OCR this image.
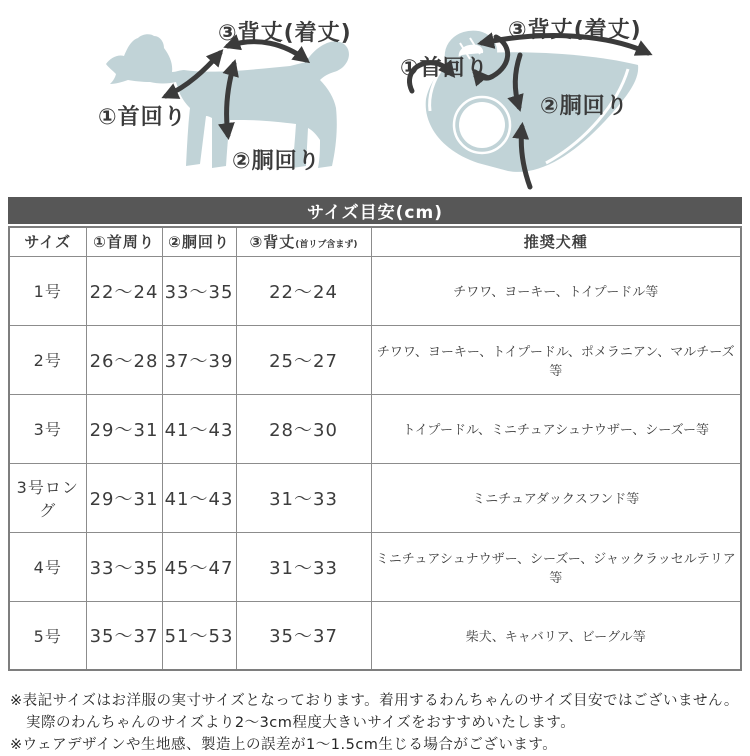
③背丈(着丈)
①首回り
②胴回り
③背丈(着丈)
①首回り
②胴回り
サイズ目安(cm)
サイズ	①首周り	②胴回り	③背丈(首リブ含まず)	推奨犬種
1号	22〜24	33〜35	22〜24	チワワ、ヨーキー、トイプードル等
2号	26〜28	37〜39	25〜27	チワワ、ヨーキー、トイプードル、ポメラニアン、マルチーズ等
3号	29〜31	41〜43	28〜30	トイプードル、ミニチュアシュナウザー、シーズー等
3号ロング	29〜31	41〜43	31〜33	ミニチュアダックスフンド等
4号	33〜35	45〜47	31〜33	ミニチュアシュナウザー、シーズー、ジャックラッセルテリア等
5号	35〜37	51〜53	35〜37	柴犬、キャバリア、ビーグル等

※表記サイズはお洋服の実寸サイズとなっております。着用するわんちゃんのサイズ目安ではございません。

実際のわんちゃんのサイズより2〜3cm程度大きいサイズをおすすめいたします。

※ウェアデザインや生地感、製造上の誤差が1〜1.5cm生じる場合がございます。
